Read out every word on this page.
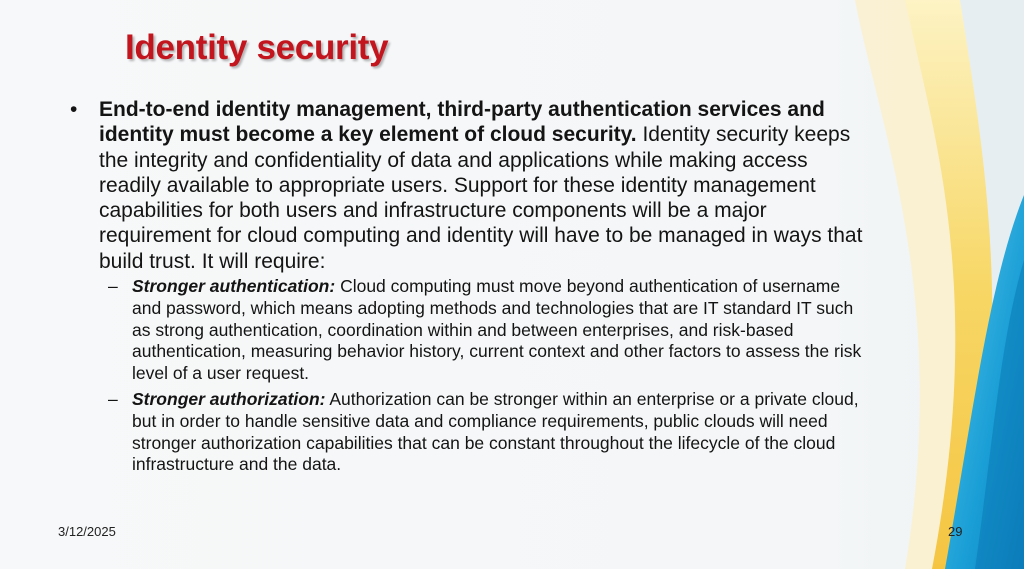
Identity security
• End-to-end identity management, third-party authentication services and identity must become a key element of cloud security. Identity security keeps the integrity and confidentiality of data and applications while making access readily available to appropriate users. Support for these identity management capabilities for both users and infrastructure components will be a major requirement for cloud computing and identity will have to be managed in ways that build trust. It will require:
– Stronger authentication: Cloud computing must move beyond authentication of username and password, which means adopting methods and technologies that are IT standard IT such as strong authentication, coordination within and between enterprises, and risk-based authentication, measuring behavior history, current context and other factors to assess the risk level of a user request.
– Stronger authorization: Authorization can be stronger within an enterprise or a private cloud, but in order to handle sensitive data and compliance requirements, public clouds will need stronger authorization capabilities that can be constant throughout the lifecycle of the cloud infrastructure and the data.
3/12/2025	29
